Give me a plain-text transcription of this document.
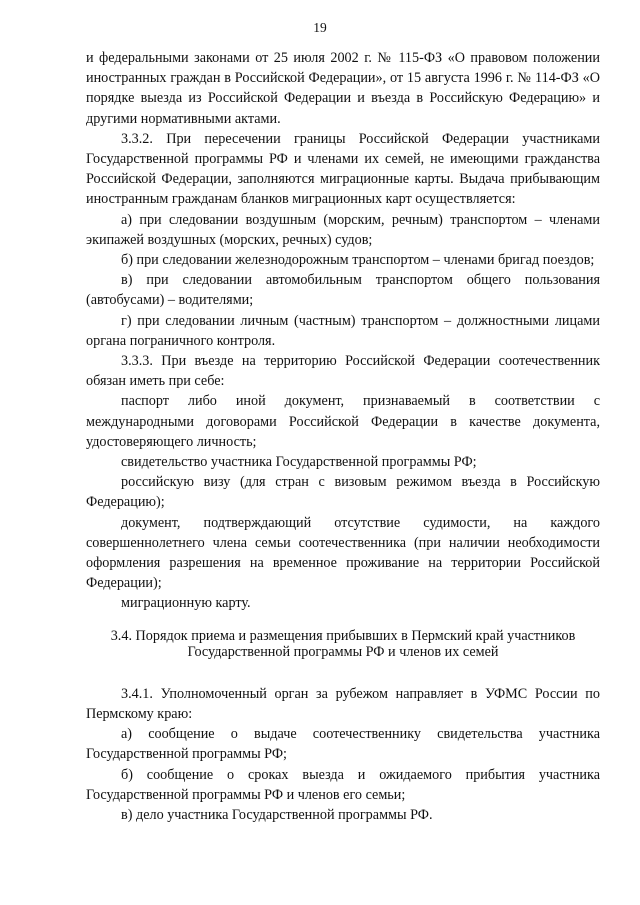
19

и федеральными законами от 25 июля 2002 г. № 115-ФЗ «О правовом положении иностранных граждан в Российской Федерации», от 15 августа 1996 г. № 114-ФЗ «О порядке выезда из Российской Федерации и въезда в Российскую Федерацию» и другими нормативными актами.

3.3.2. При пересечении границы Российской Федерации участниками Государственной программы РФ и членами их семей, не имеющими гражданства Российской Федерации, заполняются миграционные карты. Выдача прибывающим иностранным гражданам бланков миграционных карт осуществляется:

а) при следовании воздушным (морским, речным) транспортом – членами экипажей воздушных (морских, речных) судов;

б) при следовании железнодорожным транспортом – членами бригад поездов;

в) при следовании автомобильным транспортом общего пользования (автобусами) – водителями;

г) при следовании личным (частным) транспортом – должностными лицами органа пограничного контроля.

3.3.3. При въезде на территорию Российской Федерации соотечественник обязан иметь при себе:

паспорт либо иной документ, признаваемый в соответствии с международными договорами Российской Федерации в качестве документа, удостоверяющего личность;

свидетельство участника Государственной программы РФ;

российскую визу (для стран с визовым режимом въезда в Российскую Федерацию);

документ, подтверждающий отсутствие судимости, на каждого совершеннолетнего члена семьи соотечественника (при наличии необходимости оформления разрешения на временное проживание на территории Российской Федерации);

миграционную карту.

3.4. Порядок приема и размещения прибывших в Пермский край участников
Государственной программы РФ и членов их семей

3.4.1. Уполномоченный орган за рубежом направляет в УФМС России по Пермскому краю:

а) сообщение о выдаче соотечественнику свидетельства участника Государственной программы РФ;

б) сообщение о сроках выезда и ожидаемого прибытия участника Государственной программы РФ и членов его семьи;

в) дело участника Государственной программы РФ.
